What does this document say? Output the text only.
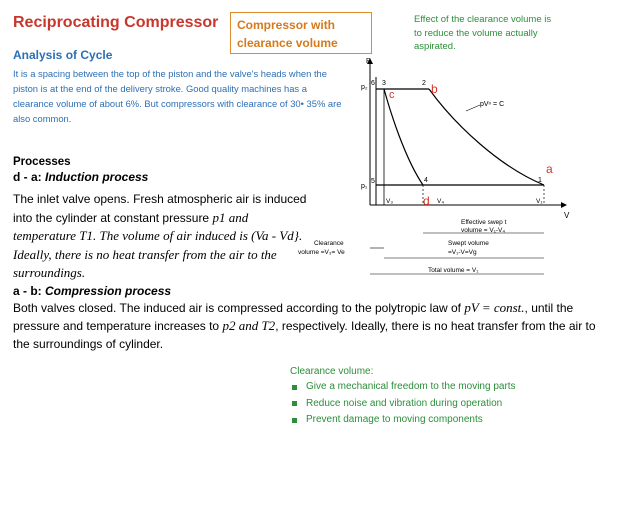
Reciprocating Compressor	Compressor with clearance volume
Effect of the clearance volume is to reduce the volume actually aspirated.
Analysis of Cycle
It is a spacing between the top of the piston and the valve's heads when the piston is at the end of the delivery stroke. Good quality machines has a clearance volume of about 6%. But compressors with clearance of 30• 35% are also common.
Processes
d - a: Induction process
The inlet valve opens. Fresh atmospheric air is induced into the cylinder at constant pressure p1 and temperature T1. The volume of air induced is (Va - Vd}. Ideally, there is no heat transfer from the air to the surroundings.
a - b: Compression process
Both valves closed. The induced air is compressed according to the polytropic law of pV = const., until the pressure and temperature increases to p2 and T2, respectively. Ideally, there is no heat transfer from the air to the surroundings of cylinder.
Clearance volume:
Give a mechanical freedom to the moving parts
Reduce noise and vibration during operation
Prevent damage to moving components
P
V
p₂
p₁
6 3	2
5	1
4
b
c
d
a
pVⁿ = C
V₃	V₄	V₁
Effective swep t
volume = V₁-V₄
Swept volume
=V₁-V=Vg
Clearance
volume =V₃= Ve
Total volume = V₁
